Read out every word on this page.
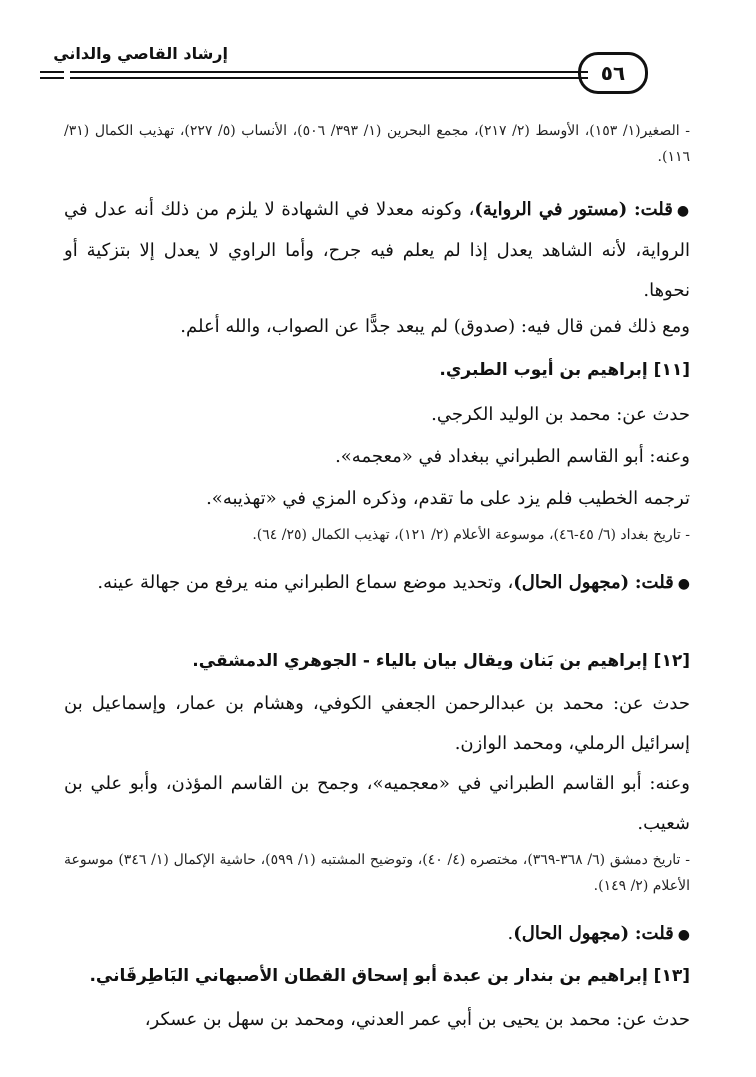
إرشاد القاصي والداني
٥٦
- الصغير(١/ ١٥٣)، الأوسط (٢/ ٢١٧)، مجمع البحرين (١/ ٣٩٣/ ٥٠٦)، الأنساب (٥/ ٢٢٧)، تهذيب الكمال (٣١/ ١١٦).
●قلت: (مستور في الرواية)، وكونه معدلا في الشهادة لا يلزم من ذلك أنه عدل في الرواية، لأنه الشاهد يعدل إذا لم يعلم فيه جرح، وأما الراوي لا يعدل إلا بتزكية أو نحوها.
ومع ذلك فمن قال فيه: (صدوق) لم يبعد جدًّا عن الصواب، والله أعلم.
[١١] إبراهيم بن أيوب الطبري.
حدث عن: محمد بن الوليد الكرجي.
وعنه: أبو القاسم الطبراني ببغداد في «معجمه».
ترجمه الخطيب فلم يزد على ما تقدم، وذكره المزي في «تهذيبه».
- تاريخ بغداد (٦/ ٤٥-٤٦)، موسوعة الأعلام (٢/ ١٢١)، تهذيب الكمال (٢٥/ ٦٤).
●قلت: (مجهول الحال)، وتحديد موضع سماع الطبراني منه يرفع من جهالة عينه.
[١٢] إبراهيم بن بَنان ويقال بيان بالياء - الجوهري الدمشقي.
حدث عن: محمد بن عبدالرحمن الجعفي الكوفي، وهشام بن عمار، وإسماعيل بن إسرائيل الرملي، ومحمد الوازن.
وعنه: أبو القاسم الطبراني في «معجميه»، وجمح بن القاسم المؤذن، وأبو علي بن شعيب.
- تاريخ دمشق (٦/ ٣٦٨-٣٦٩)، مختصره (٤/ ٤٠)، وتوضيح المشتبه (١/ ٥٩٩)، حاشية الإكمال (١/ ٣٤٦) موسوعة الأعلام (٢/ ١٤٩).
●قلت: (مجهول الحال).
[١٣] إبراهيم بن بندار بن عبدة أبو إسحاق القطان الأصبهاني البَاطِرقَاني.
حدث عن: محمد بن يحيى بن أبي عمر العدني، ومحمد بن سهل بن عسكر،
